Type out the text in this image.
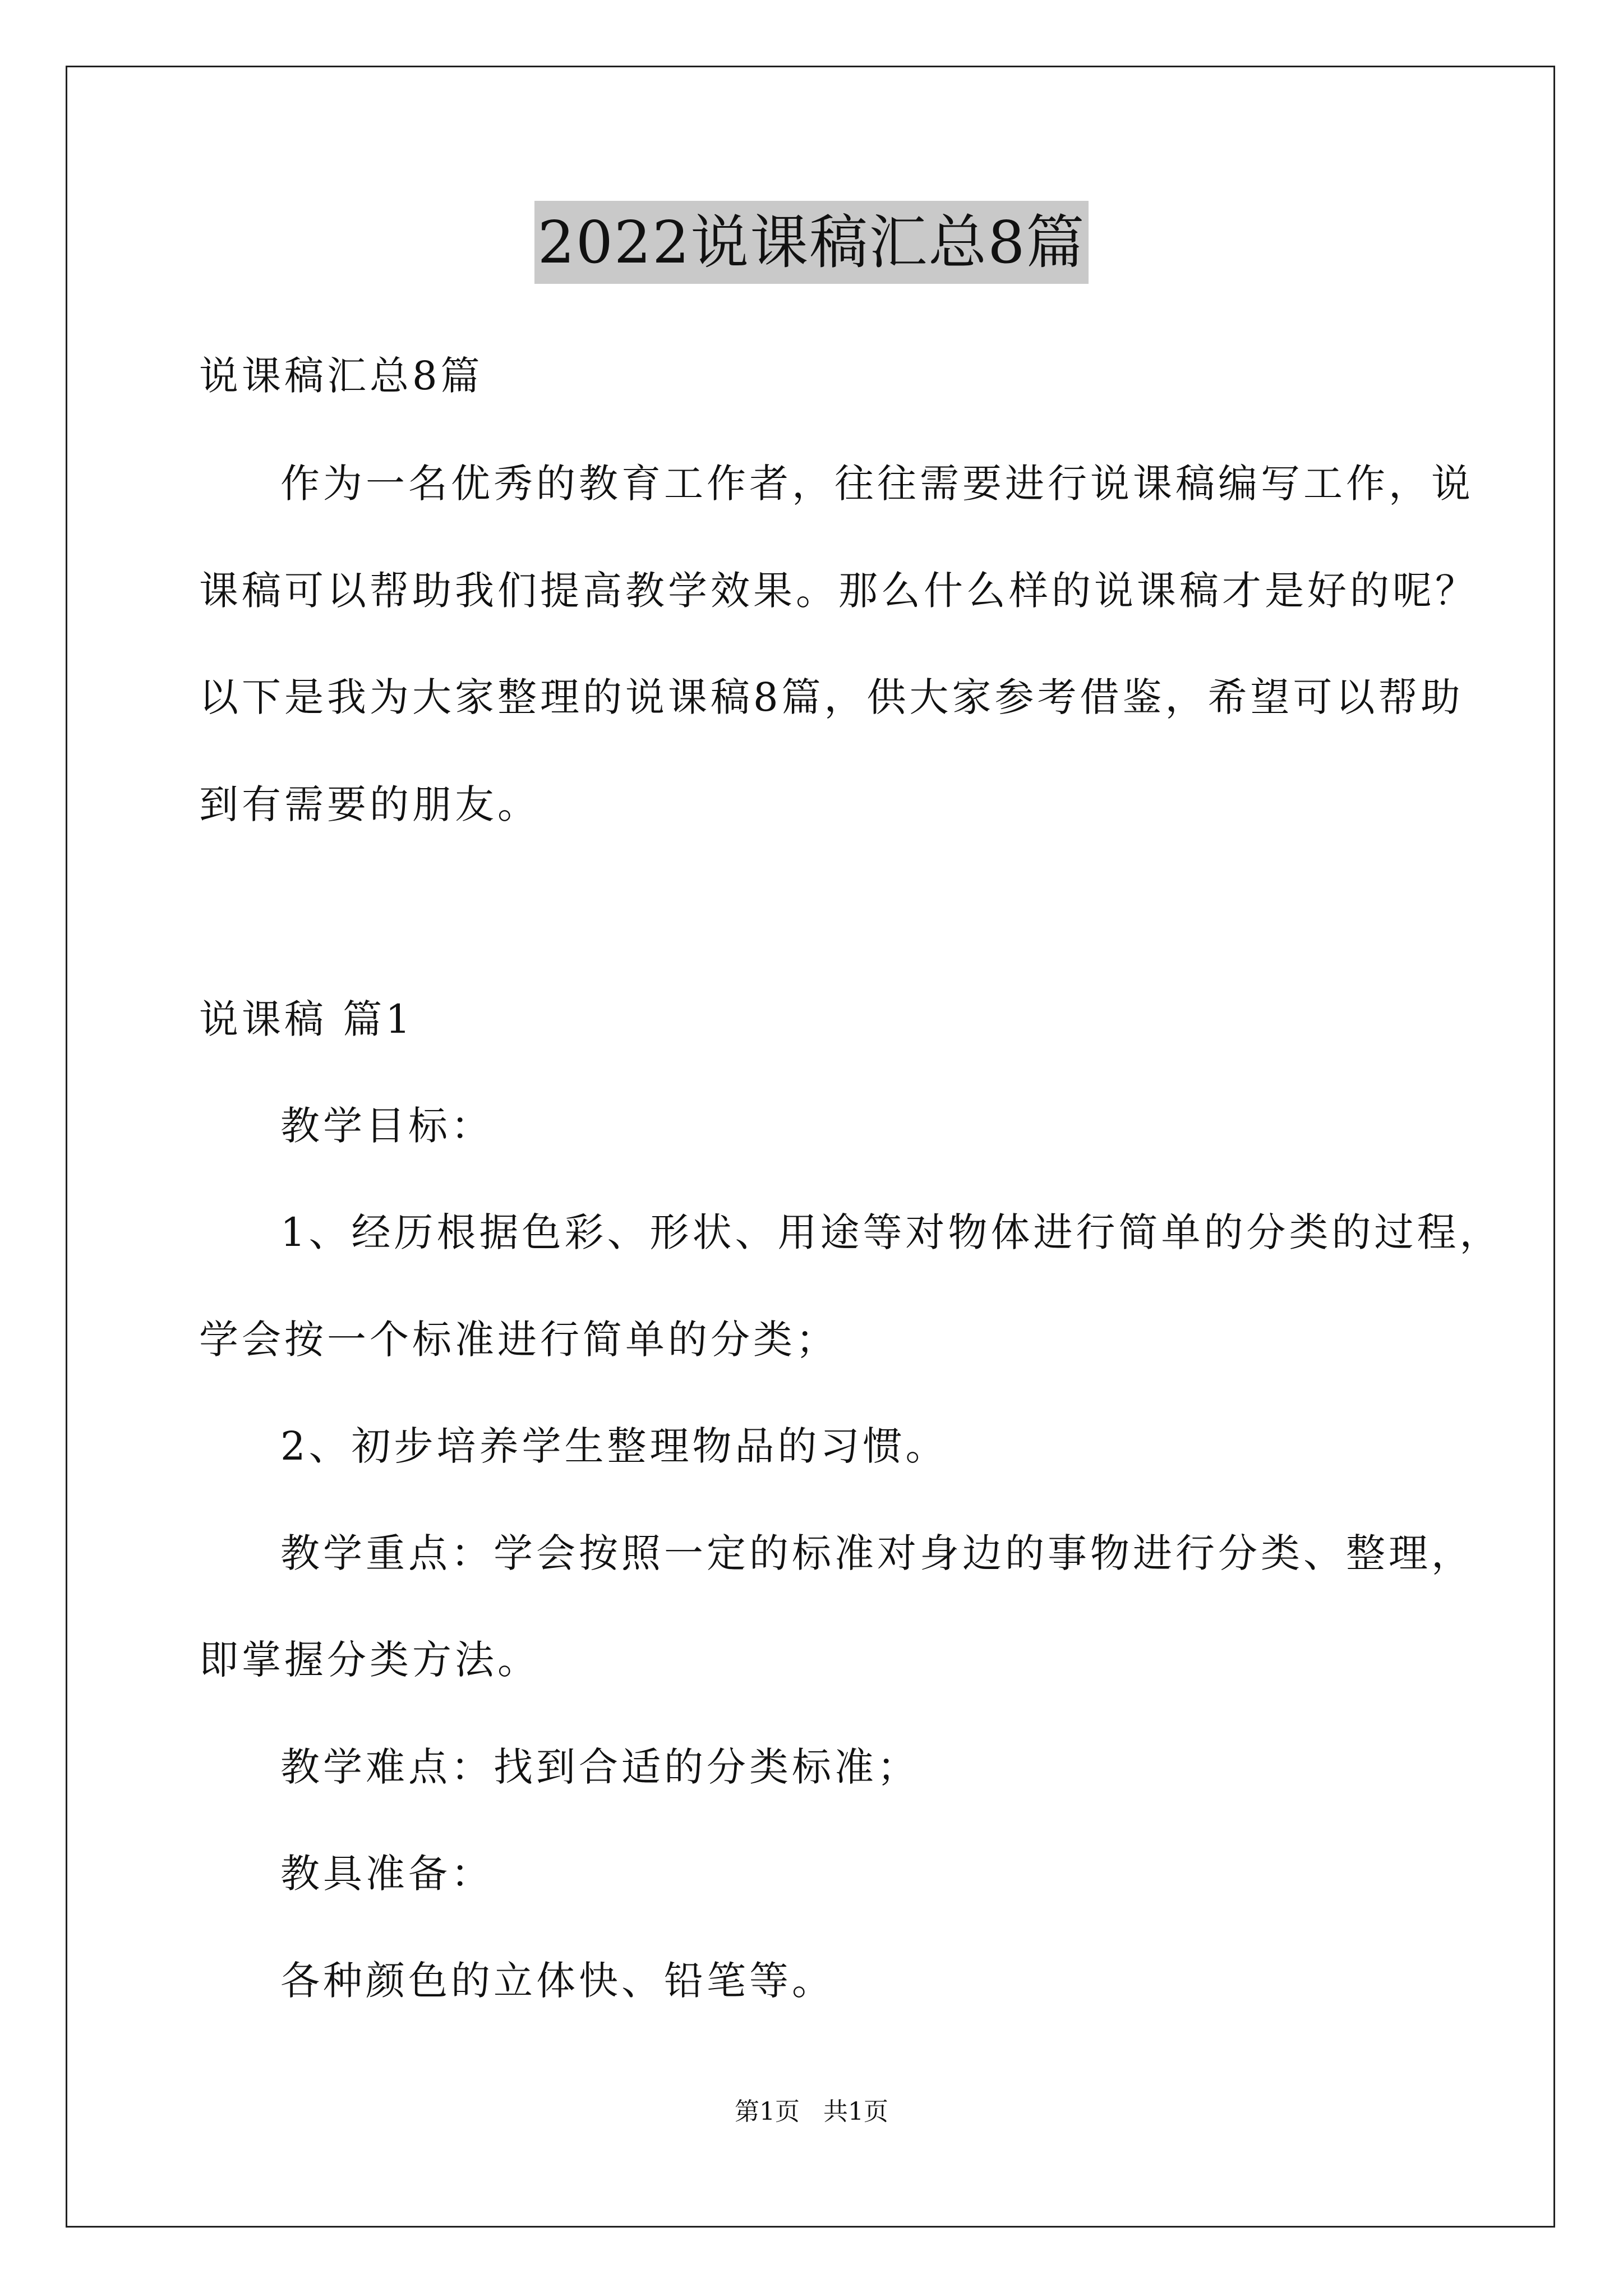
2022说课稿汇总8篇
说课稿汇总8篇
作为一名优秀的教育工作者，往往需要进行说课稿编写工作，说
课稿可以帮助我们提高教学效果。那么什么样的说课稿才是好的呢？
以下是我为大家整理的说课稿8篇，供大家参考借鉴，希望可以帮助
到有需要的朋友。
说课稿 篇1
教学目标：
1、经历根据色彩、形状、用途等对物体进行简单的分类的过程，
学会按一个标准进行简单的分类；
2、初步培养学生整理物品的习惯。
教学重点：学会按照一定的标准对身边的事物进行分类、整理，
即掌握分类方法。
教学难点：找到合适的分类标准；
教具准备：
各种颜色的立体快、铅笔等。
第1页   共1页
